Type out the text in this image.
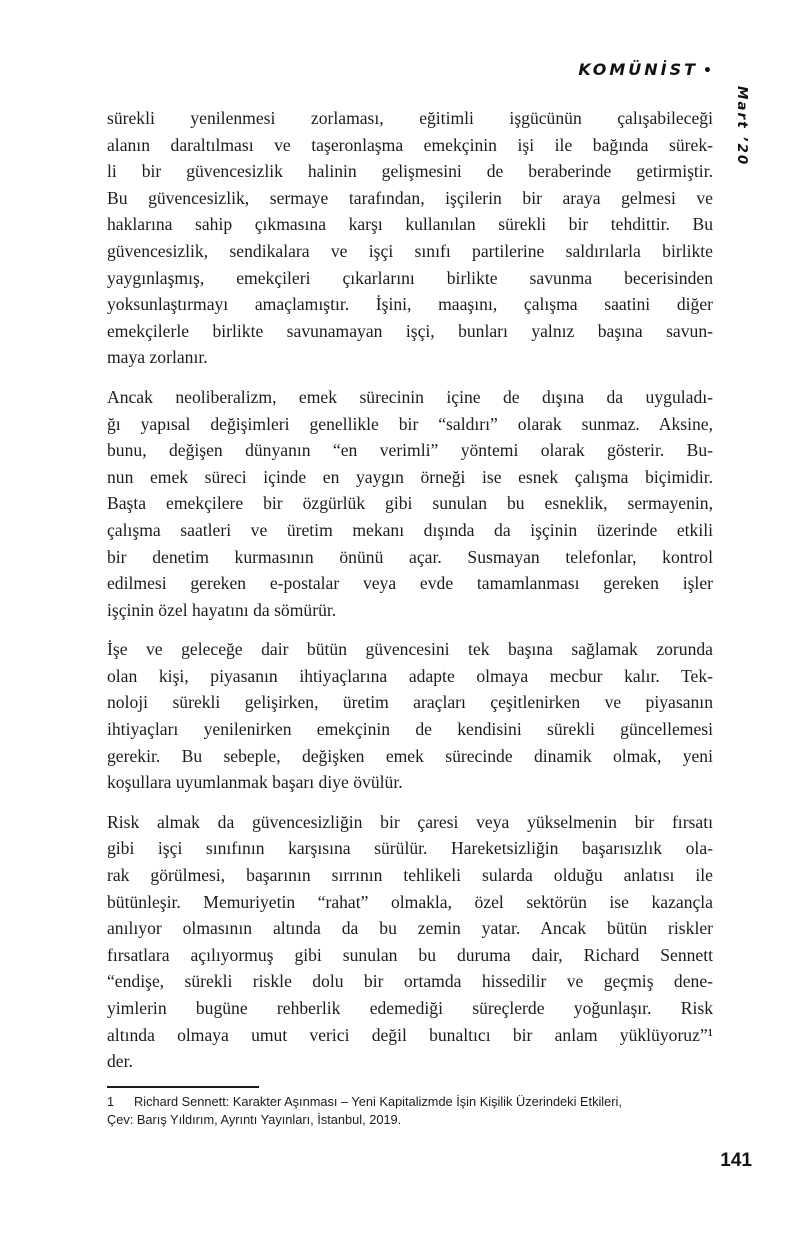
KOMÜNİST •
Mart ’20
sürekli yenilenmesi zorlaması, eğitimli işgücünün çalışabileceği
alanın daraltılması ve taşeronlaşma emekçinin işi ile bağında sürek-
li bir güvencesizlik halinin gelişmesini de beraberinde getirmiştir.
Bu güvencesizlik, sermaye tarafından, işçilerin bir araya gelmesi ve
haklarına sahip çıkmasına karşı kullanılan sürekli bir tehdittir. Bu
güvencesizlik, sendikalara ve işçi sınıfı partilerine saldırılarla birlikte
yaygınlaşmış, emekçileri çıkarlarını birlikte savunma becerisinden
yoksunlaştırmayı amaçlamıştır. İşini, maaşını, çalışma saatini diğer
emekçilerle birlikte savunamayan işçi, bunları yalnız başına savun-
maya zorlanır.
Ancak neoliberalizm, emek sürecinin içine de dışına da uyguladı-
ğı yapısal değişimleri genellikle bir “saldırı” olarak sunmaz. Aksine,
bunu, değişen dünyanın “en verimli” yöntemi olarak gösterir. Bu-
nun emek süreci içinde en yaygın örneği ise esnek çalışma biçimidir.
Başta emekçilere bir özgürlük gibi sunulan bu esneklik, sermayenin,
çalışma saatleri ve üretim mekanı dışında da işçinin üzerinde etkili
bir denetim kurmasının önünü açar. Susmayan telefonlar, kontrol
edilmesi gereken e-postalar veya evde tamamlanması gereken işler
işçinin özel hayatını da sömürür.
İşe ve geleceğe dair bütün güvencesini tek başına sağlamak zorunda
olan kişi, piyasanın ihtiyaçlarına adapte olmaya mecbur kalır. Tek-
noloji sürekli gelişirken, üretim araçları çeşitlenirken ve piyasanın
ihtiyaçları yenilenirken emekçinin de kendisini sürekli güncellemesi
gerekir. Bu sebeple, değişken emek sürecinde dinamik olmak, yeni
koşullara uyumlanmak başarı diye övülür.
Risk almak da güvencesizliğin bir çaresi veya yükselmenin bir fırsatı
gibi işçi sınıfının karşısına sürülür. Hareketsizliğin başarısızlık ola-
rak görülmesi, başarının sırrının tehlikeli sularda olduğu anlatısı ile
bütünleşir. Memuriyetin “rahat” olmakla, özel sektörün ise kazançla
anılıyor olmasının altında da bu zemin yatar. Ancak bütün riskler
fırsatlara açılıyormuş gibi sunulan bu duruma dair, Richard Sennett
“endişe, sürekli riskle dolu bir ortamda hissedilir ve geçmiş dene-
yimlerin bugüne rehberlik edemediği süreçlerde yoğunlaşır. Risk
altında olmaya umut verici değil bunaltıcı bir anlam yüklüyoruz”¹
der.
1 Richard Sennett: Karakter Aşınması – Yeni Kapitalizmde İşin Kişilik Üzerindeki Etkileri,
Çev: Barış Yıldırım, Ayrıntı Yayınları, İstanbul, 2019.
141
